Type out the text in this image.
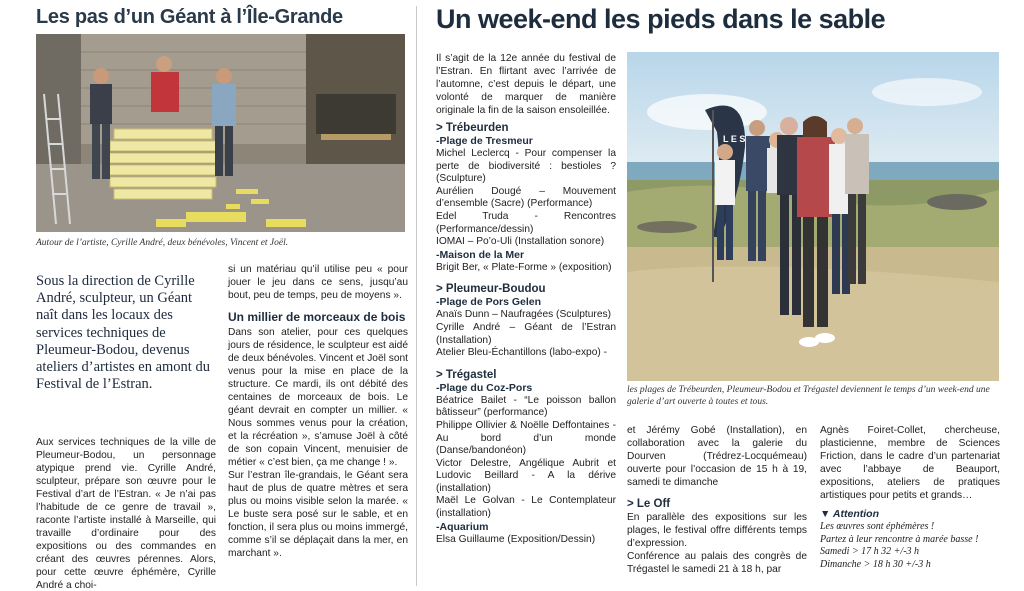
Les pas d’un Géant à l’Île-Grande
Autour de l’artiste, Cyrille André, deux bénévoles, Vincent et Joël.
Sous la direction de Cyrille André, sculpteur, un Géant naît dans les locaux des services techniques de Pleumeur-Bodou, devenus ateliers d’artistes en amont du Festival de l’Estran.
Aux services techniques de la ville de Pleumeur-Bodou, un personnage atypique prend vie. Cyrille André, sculpteur, prépare son œuvre pour le Festival d’art de l’Estran. « Je n’ai pas l’habitude de ce genre de travail », raconte l’artiste installé à Marseille, qui travaille d’ordinaire pour des expositions ou des commandes en créant des œuvres pérennes. Alors, pour cette œuvre éphémère, Cyrille André a choi-

si un matériau qu’il utilise peu « pour jouer le jeu dans ce sens, jusqu’au bout, peu de temps, peu de moyens ».

Un millier de morceaux de bois

Dans son atelier, pour ces quelques jours de résidence, le sculpteur est aidé de deux bénévoles. Vincent et Joël sont venus pour la mise en place de la structure. Ce mardi, ils ont débité des centaines de morceaux de bois. Le géant devrait en compter un millier. « Nous sommes venus pour la création, et la récréation », s’amuse Joël à côté de son copain Vincent, menuisier de métier « c’est bien, ça me change ! ».

Sur l’estran île-grandais, le Géant sera haut de plus de quatre mètres et sera plus ou moins visible selon la marée. « Le buste sera posé sur le sable, et en fonction, il sera plus ou moins immergé, comme s’il se déplaçait dans la mer, en marchant ».

Un week-end les pieds dans le sable
Il s’agit de la 12e année du festival de l’Estran. En flirtant avec l’arrivée de l’automne, c’est depuis le départ, une volonté de marquer de manière originale la fin de la saison ensoleillée.
> Trébeurden
-Plage de Tresmeur
Michel Leclercq - Pour compenser la perte de biodiversité : bestioles ? (Sculpture)
Aurélien Dougé – Mouvement d’ensemble (Sacre) (Performance)
Edel Truda - Rencontres (Performance/dessin)
IOMAI – Po’o-Uli (Installation sonore)
-Maison de la Mer
Brigit Ber, « Plate-Forme » (exposition)
> Pleumeur-Boudou
-Plage de Pors Gelen
Anaïs Dunn – Naufragées (Sculptures)
Cyrille André – Géant de l’Estran (Installation)
Atelier Bleu-Échantillons (labo-expo) -
> Trégastel
-Plage du Coz-Pors
Béatrice Bailet - “Le poisson ballon bâtisseur” (performance)
Philippe Ollivier & Noëlle Deffontaines - Au bord d’un monde (Danse/bandonéon)
Victor Delestre, Angélique Aubrit et Ludovic Beillard - A la dérive (installation)
Maël Le Golvan - Le Contemplateur (installation)
-Aquarium
Elsa Guillaume (Exposition/Dessin)
L E S
les plages de Trébeurden, Pleumeur-Bodou et Trégastel deviennent le temps d’un week-end une galerie d’art ouverte à toutes et tous.

et Jérémy Gobé (Installation), en collaboration avec la galerie du Dourven (Trédrez-Locquémeau) ouverte pour l’occasion de 15 h à 19, samedi te dimanche

> Le Off

En parallèle des expositions sur les plages, le festival offre différents temps d’expression.

Conférence au palais des congrès de Trégastel le samedi 21 à 18 h, par

Agnès Foiret-Collet, chercheuse, plasticienne, membre de Sciences Friction, dans le cadre d’un partenariat avec l’abbaye de Beauport, expositions, ateliers de pratiques artistiques pour petits et grands…

▼ Attention
Les œuvres sont éphémères !
Partez à leur rencontre à marée basse !
Samedi > 17 h 32 +/-3 h
Dimanche > 18 h 30 +/-3 h
